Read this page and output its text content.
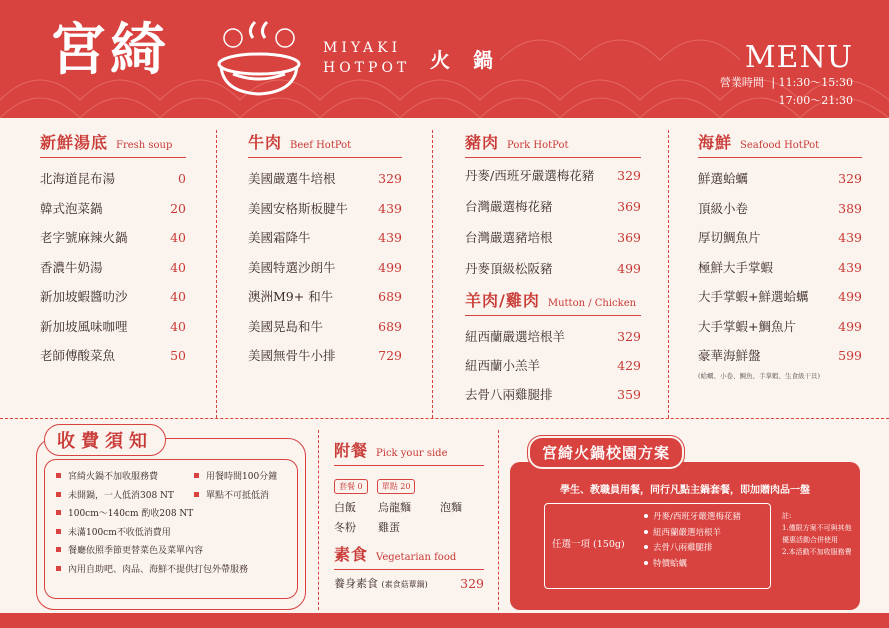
宮綺	MIYAKI
HOTPOT 火 鍋	MENU
營業時間 | 11:30～15:30
17:00～21:30
新鮮湯底 Fresh soup
北海道昆布湯	0
韓式泡菜鍋	20
老字號麻辣火鍋	40
香濃牛奶湯	40
新加坡蝦醬叻沙	40
新加坡風味咖哩	40
老師傅酸菜魚	50
牛肉 Beef HotPot
美國嚴選牛培根	329
美國安格斯板腱牛 439
美國霜降牛	439
美國特選沙朗牛	499
澳洲M9+ 和牛	689
美國晃島和牛	689
美國無骨牛小排	729
豬肉 Pork HotPot
丹麥/西班牙嚴選梅花豬 329
台灣嚴選梅花豬	369
台灣嚴選豬培根	369
丹麥頂級松阪豬	499
羊肉/雞肉 Mutton / Chicken
紐西蘭嚴選培根羊	329
紐西蘭小羔羊	429
去骨八兩雞腿排	359
海鮮 Seafood HotPot
鮮選蛤蠣	329
頂級小卷	389
厚切鯛魚片	439
極鮮大手掌蝦	439
大手掌蝦+鮮選蛤蠣 499
大手掌蝦+鯛魚片	499
豪華海鮮盤	599
(蛤蠣、小卷、鯛魚、手掌蝦、生食級干貝)
收費須知
宮綺火鍋不加收服務費
未開鍋，一人低消308 NT
100cm～140cm 酌收208 NT
未滿100cm不收低消費用
餐廳依照季節更替菜色及菜單內容
內用自助吧、肉品、海鮮不提供打包外帶服務
用餐時間100分鐘
單點不可抵低消
附餐 Pick your side
套餐 0 單點 20
白飯	烏龍麵	泡麵
冬粉	雞蛋
素食 Vegetarian food
養身素食 (素食菇蕈鍋)	329
宮綺火鍋校園方案
學生、教職員用餐，同行凡點主鍋套餐，即加贈肉品一盤
任選一項 (150g)
丹麥/西班牙嚴選梅花豬
紐西蘭嚴選培根羊
去骨八兩雞腿排
特價蛤蠣
註:
1.僅限方案不可與其他優惠活動合併使用
2.本活動不加收服務費
